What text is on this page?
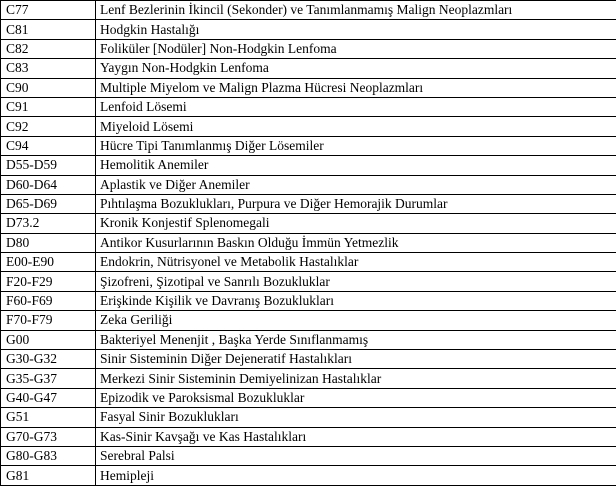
C77	Lenf Bezlerinin İkincil (Sekonder) ve Tanımlanmamış Malign Neoplazmları
C81	Hodgkin Hastalığı
C82	Foliküler [Nodüler] Non-Hodgkin Lenfoma
C83	Yaygın Non-Hodgkin Lenfoma
C90	Multiple Miyelom ve Malign Plazma Hücresi Neoplazmları
C91	Lenfoid Lösemi
C92	Miyeloid Lösemi
C94	Hücre Tipi Tanımlanmış Diğer Lösemiler
D55-D59	Hemolitik Anemiler
D60-D64	Aplastik ve Diğer Anemiler
D65-D69	Pıhtılaşma Bozuklukları, Purpura ve Diğer Hemorajik Durumlar
D73.2	Kronik Konjestif Splenomegali
D80	Antikor Kusurlarının Baskın Olduğu İmmün Yetmezlik
E00-E90	Endokrin, Nütrisyonel ve Metabolik Hastalıklar
F20-F29	Şizofreni, Şizotipal ve Sanrılı Bozukluklar
F60-F69	Erişkinde Kişilik ve Davranış Bozuklukları
F70-F79	Zeka Geriliği
G00	Bakteriyel Menenjit , Başka Yerde Sınıflanmamış
G30-G32	Sinir Sisteminin Diğer Dejeneratif Hastalıkları
G35-G37	Merkezi Sinir Sisteminin Demiyelinizan Hastalıklar
G40-G47	Epizodik ve Paroksismal Bozukluklar
G51	Fasyal Sinir Bozuklukları
G70-G73	Kas-Sinir Kavşağı ve Kas Hastalıkları
G80-G83	Serebral Palsi
G81	Hemipleji
